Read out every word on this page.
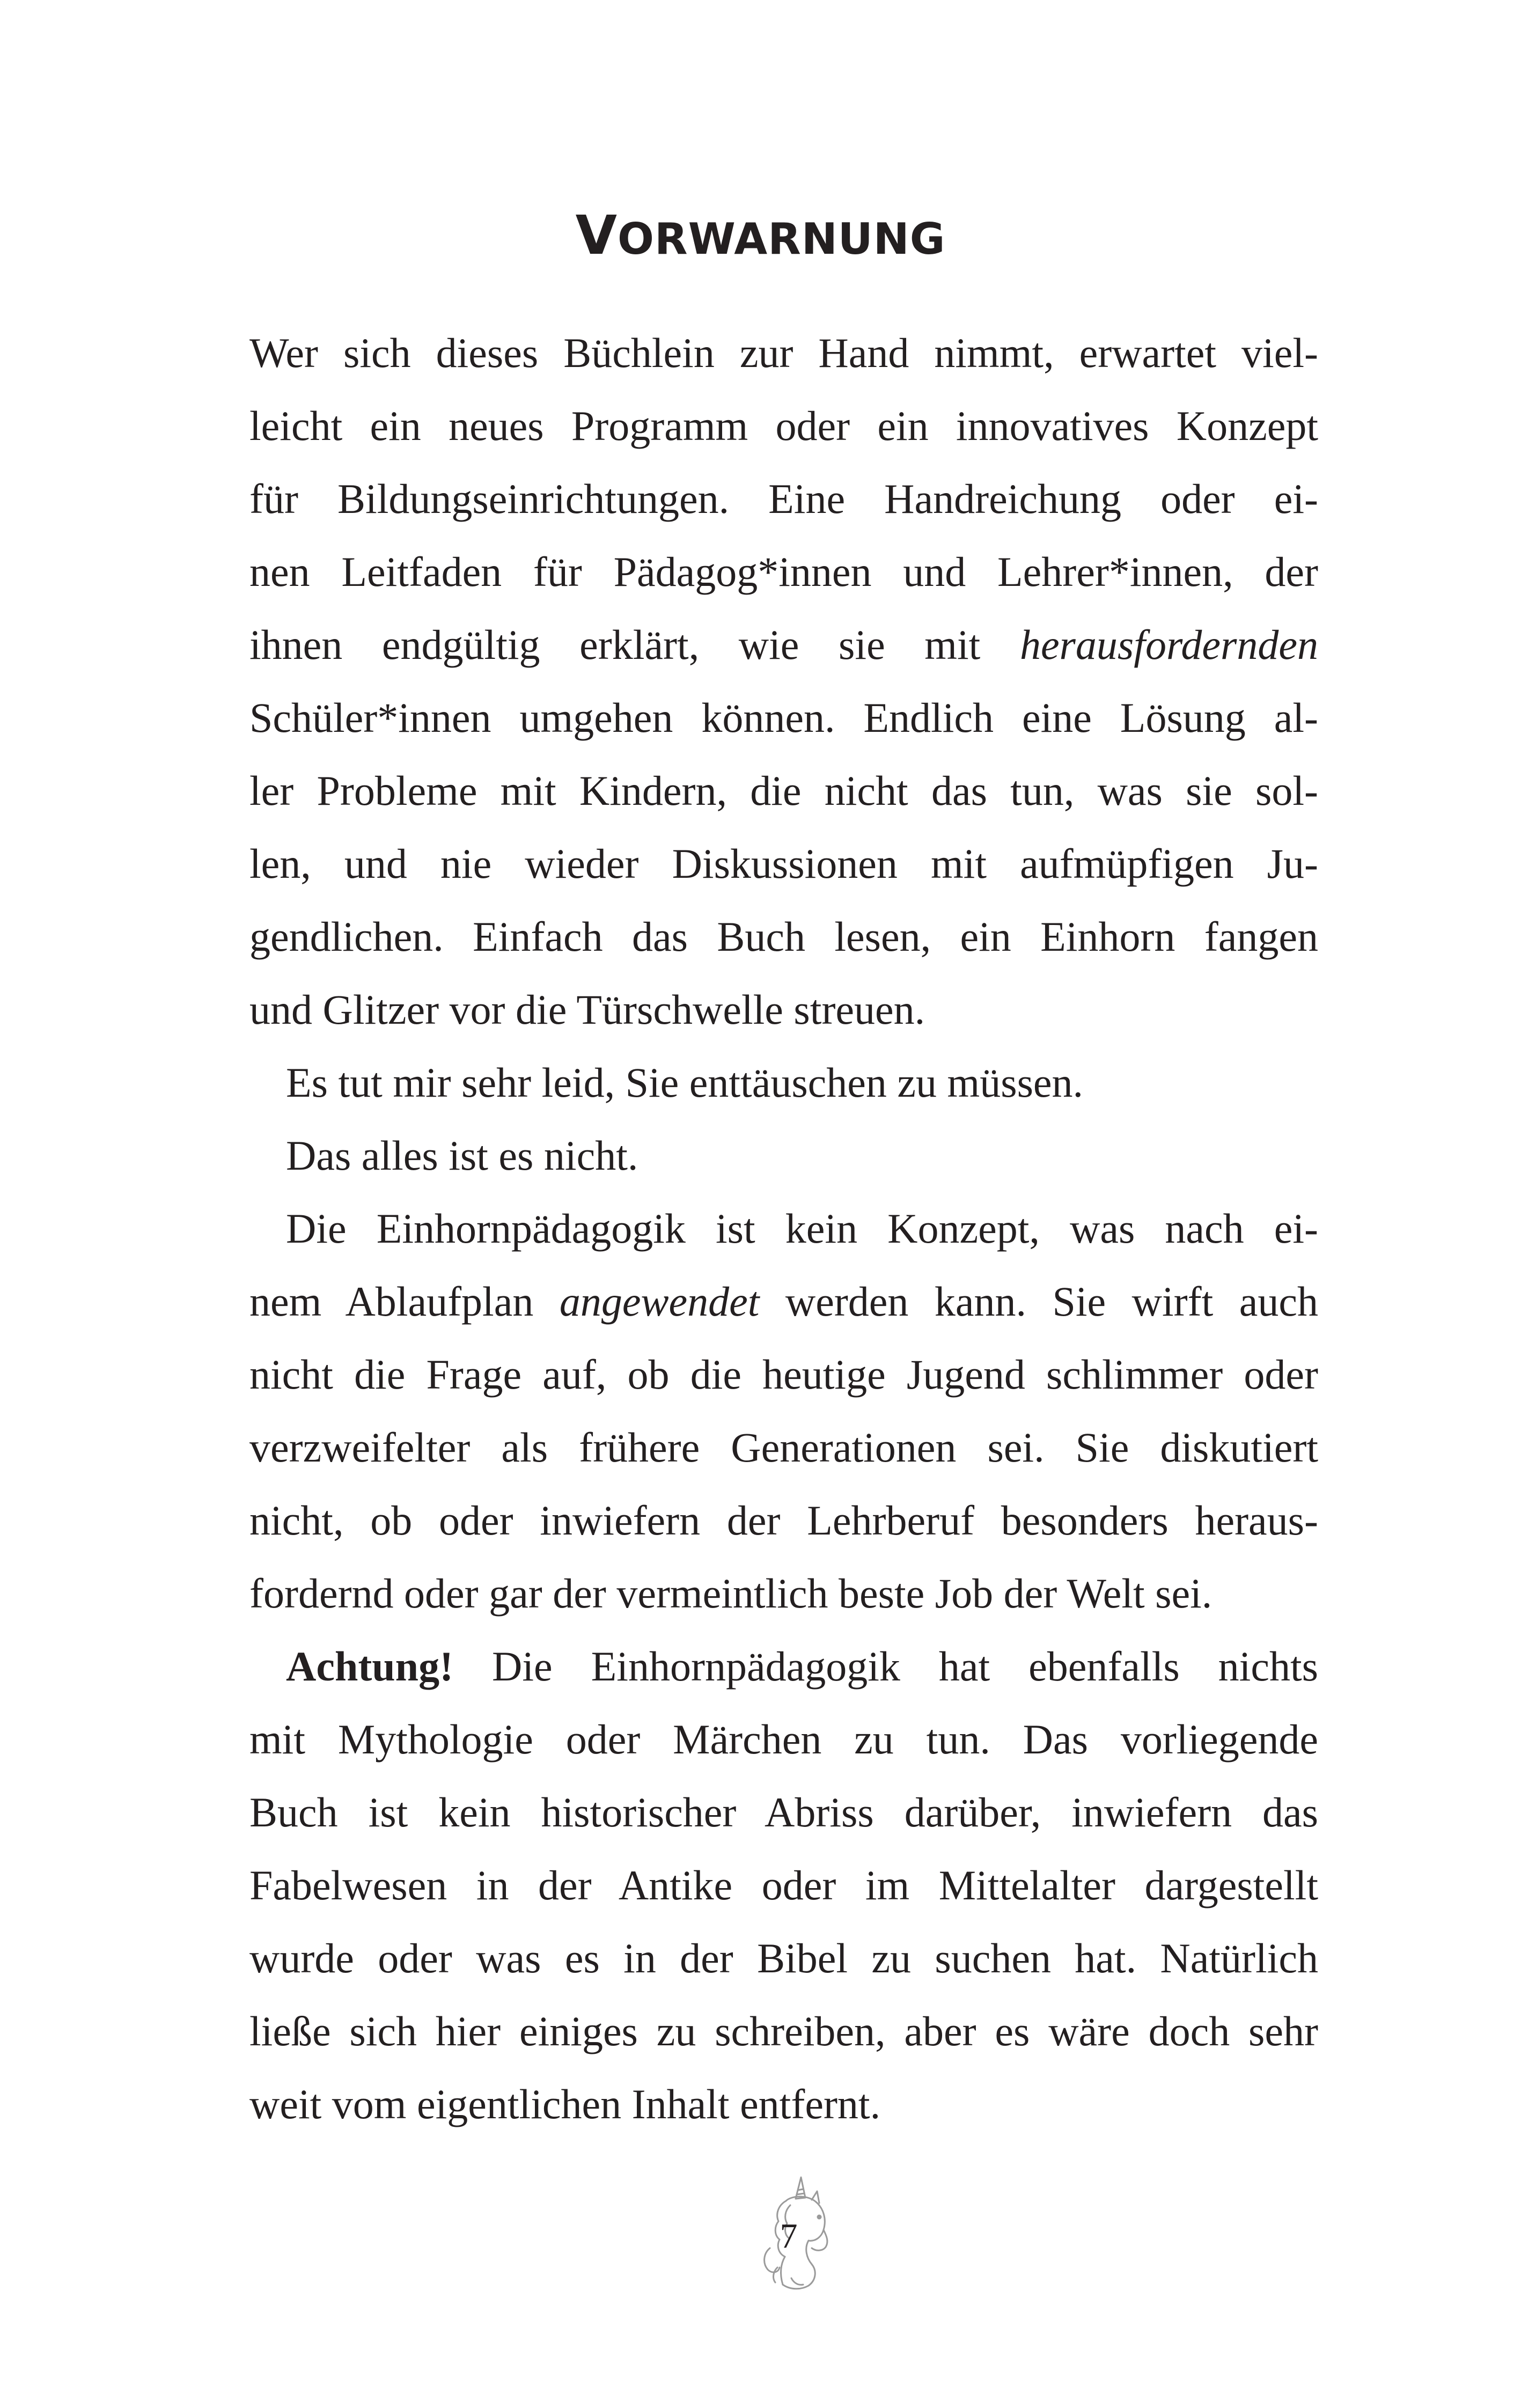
VORWARNUNG
Wer sich dieses Büchlein zur Hand nimmt, erwartet viel-
leicht ein neues Programm oder ein innovatives Konzept
für Bildungseinrichtungen. Eine Handreichung oder ei-
nen Leitfaden für Pädagog*innen und Lehrer*innen, der
ihnen endgültig erklärt, wie sie mit herausfordernden
Schüler*innen umgehen können. Endlich eine Lösung al-
ler Probleme mit Kindern, die nicht das tun, was sie sol-
len, und nie wieder Diskussionen mit aufmüpfigen Ju-
gendlichen. Einfach das Buch lesen, ein Einhorn fangen
und Glitzer vor die Türschwelle streuen.
Es tut mir sehr leid, Sie enttäuschen zu müssen.
Das alles ist es nicht.
Die Einhornpädagogik ist kein Konzept, was nach ei-
nem Ablaufplan angewendet werden kann. Sie wirft auch
nicht die Frage auf, ob die heutige Jugend schlimmer oder
verzweifelter als frühere Generationen sei. Sie diskutiert
nicht, ob oder inwiefern der Lehrberuf besonders heraus-
fordernd oder gar der vermeintlich beste Job der Welt sei.
Achtung! Die Einhornpädagogik hat ebenfalls nichts
mit Mythologie oder Märchen zu tun. Das vorliegende
Buch ist kein historischer Abriss darüber, inwiefern das
Fabelwesen in der Antike oder im Mittelalter dargestellt
wurde oder was es in der Bibel zu suchen hat. Natürlich
ließe sich hier einiges zu schreiben, aber es wäre doch sehr
weit vom eigentlichen Inhalt entfernt.
7
